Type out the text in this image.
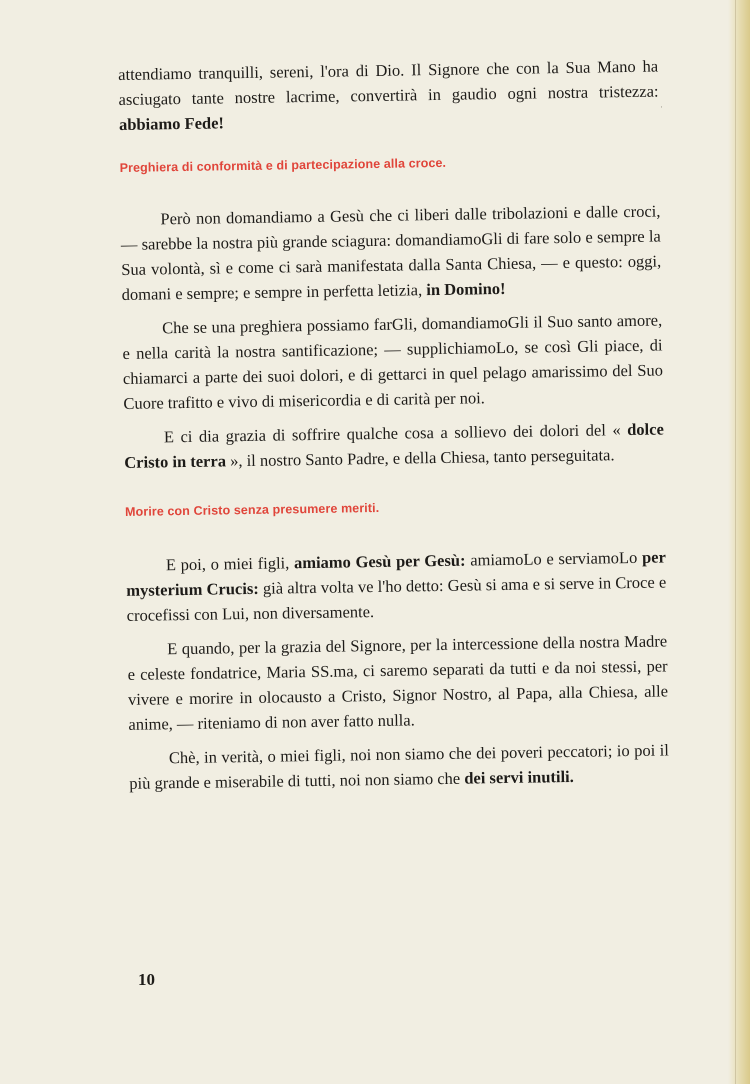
attendiamo tranquilli, sereni, l'ora di Dio. Il Signore che con la Sua Mano ha asciugato tante nostre lacrime, convertirà in gaudio ogni nostra tristezza: abbiamo Fede!

Preghiera di conformità e di partecipazione alla croce.

Però non domandiamo a Gesù che ci liberi dalle tribolazioni e dalle croci, — sarebbe la nostra più grande sciagura: domandiamoGli di fare solo e sempre la Sua volontà, sì e come ci sarà manifestata dalla Santa Chiesa, — e questo: oggi, domani e sempre; e sempre in perfetta letizia, in Domino!

Che se una preghiera possiamo farGli, domandiamoGli il Suo santo amore, e nella carità la nostra santificazione; — supplichiamoLo, se così Gli piace, di chiamarci a parte dei suoi dolori, e di gettarci in quel pelago amarissimo del Suo Cuore trafitto e vivo di misericordia e di carità per noi.

E ci dia grazia di soffrire qualche cosa a sollievo dei dolori del « dolce Cristo in terra », il nostro Santo Padre, e della Chiesa, tanto perseguitata.

Morire con Cristo senza presumere meriti.

E poi, o miei figli, amiamo Gesù per Gesù: amiamoLo e serviamoLo per mysterium Crucis: già altra volta ve l'ho detto: Gesù si ama e si serve in Croce e crocefissi con Lui, non diversamente.

E quando, per la grazia del Signore, per la intercessione della nostra Madre e celeste fondatrice, Maria SS.ma, ci saremo separati da tutti e da noi stessi, per vivere e morire in olocausto a Cristo, Signor Nostro, al Papa, alla Chiesa, alle anime, — riteniamo di non aver fatto nulla.

Chè, in verità, o miei figli, noi non siamo che dei poveri peccatori; io poi il più grande e miserabile di tutti, noi non siamo che dei servi inutili.

·
10
